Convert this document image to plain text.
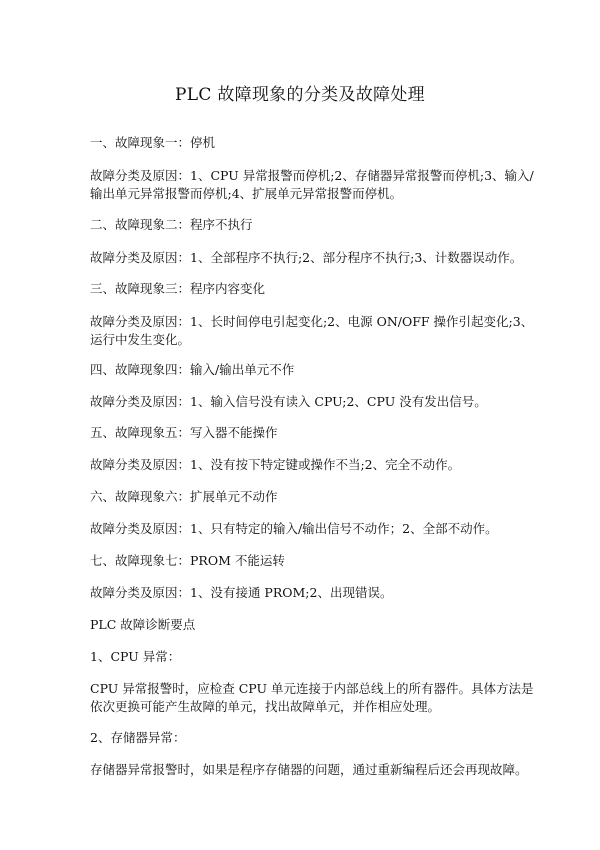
PLC 故障现象的分类及故障处理

一、故障现象一：停机

故障分类及原因：1、CPU 异常报警而停机;2、存储器异常报警而停机;3、输入/

输出单元异常报警而停机;4、扩展单元异常报警而停机。

二、故障现象二：程序不执行

故障分类及原因：1、全部程序不执行;2、部分程序不执行;3、计数器误动作。

三、故障现象三：程序内容变化

故障分类及原因：1、长时间停电引起变化;2、电源 ON/OFF 操作引起变化;3、

运行中发生变化。

四、故障现象四：输入/输出单元不作

故障分类及原因：1、输入信号没有读入 CPU;2、CPU 没有发出信号。

五、故障现象五：写入器不能操作

故障分类及原因：1、没有按下特定键或操作不当;2、完全不动作。

六、故障现象六：扩展单元不动作

故障分类及原因：1、只有特定的输入/输出信号不动作；2、全部不动作。

七、故障现象七：PROM 不能运转

故障分类及原因：1、没有接通 PROM;2、出现错误。

PLC 故障诊断要点

1、CPU 异常：

CPU 异常报警时，应检查 CPU 单元连接于内部总线上的所有器件。具体方法是

依次更换可能产生故障的单元，找出故障单元，并作相应处理。

2、存储器异常：

存储器异常报警时，如果是程序存储器的问题，通过重新编程后还会再现故障。
